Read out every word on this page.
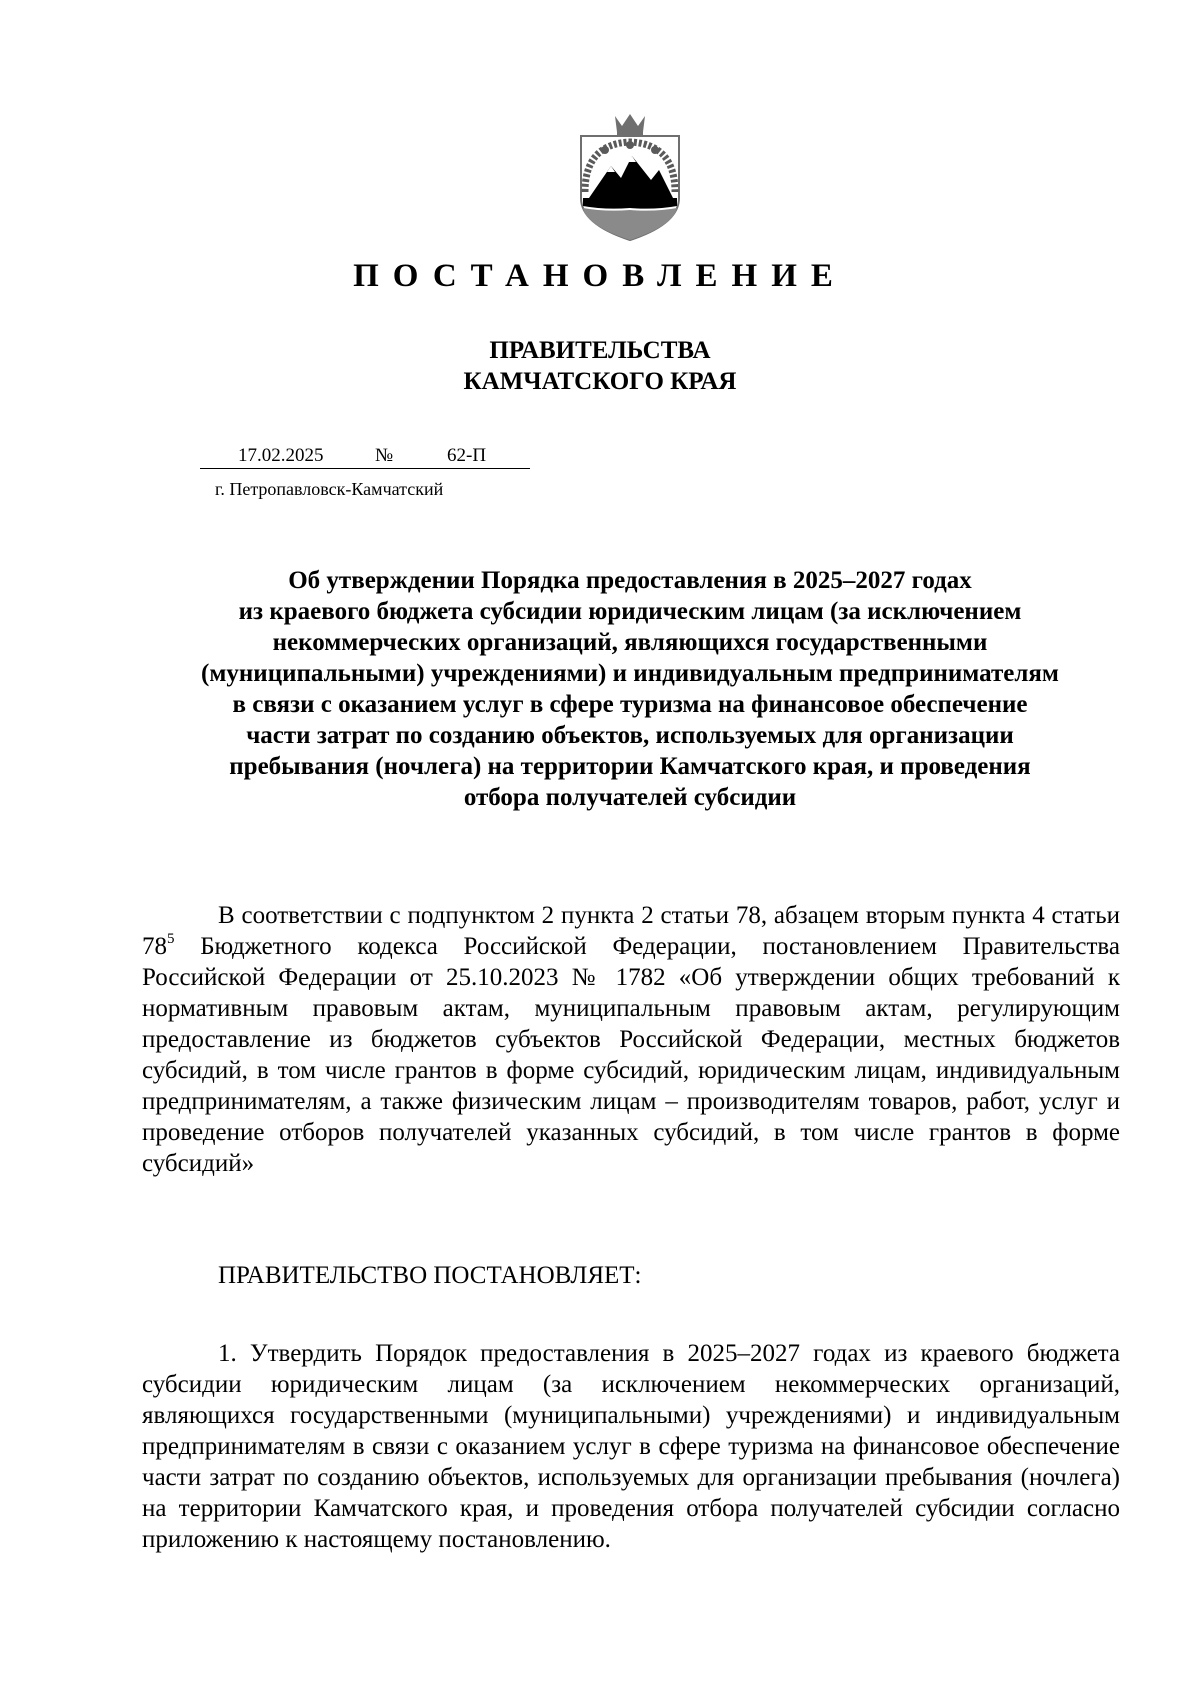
ПОСТАНОВЛЕНИЕ
ПРАВИТЕЛЬСТВА
КАМЧАТСКОГО КРАЯ
17.02.2025	№	62-П
г. Петропавловск-Камчатский
Об утверждении Порядка предоставления в 2025–2027 годах
из краевого бюджета субсидии юридическим лицам (за исключением
некоммерческих организаций, являющихся государственными
(муниципальными) учреждениями) и индивидуальным предпринимателям
в связи с оказанием услуг в сфере туризма на финансовое обеспечение
части затрат по созданию объектов, используемых для организации
пребывания (ночлега) на территории Камчатского края, и проведения
отбора получателей субсидии
В соответствии с подпунктом 2 пункта 2 статьи 78, абзацем вторым пункта 4 статьи $78^5$ Бюджетного кодекса Российской Федерации, постановлением Правительства Российской Федерации от 25.10.2023 № 1782 «Об утверждении общих требований к нормативным правовым актам, муниципальным правовым актам, регулирующим предоставление из бюджетов субъектов Российской Федерации, местных бюджетов субсидий, в том числе грантов в форме субсидий, юридическим лицам, индивидуальным предпринимателям, а также физическим лицам – производителям товаров, работ, услуг и проведение отборов получателей указанных субсидий, в том числе грантов в форме субсидий»
ПРАВИТЕЛЬСТВО ПОСТАНОВЛЯЕТ:
1. Утвердить Порядок предоставления в 2025–2027 годах из краевого бюджета субсидии юридическим лицам (за исключением некоммерческих организаций, являющихся государственными (муниципальными) учреждениями) и индивидуальным предпринимателям в связи с оказанием услуг в сфере туризма на финансовое обеспечение части затрат по созданию объектов, используемых для организации пребывания (ночлега) на территории Камчатского края, и проведения отбора получателей субсидии согласно приложению к настоящему постановлению.
